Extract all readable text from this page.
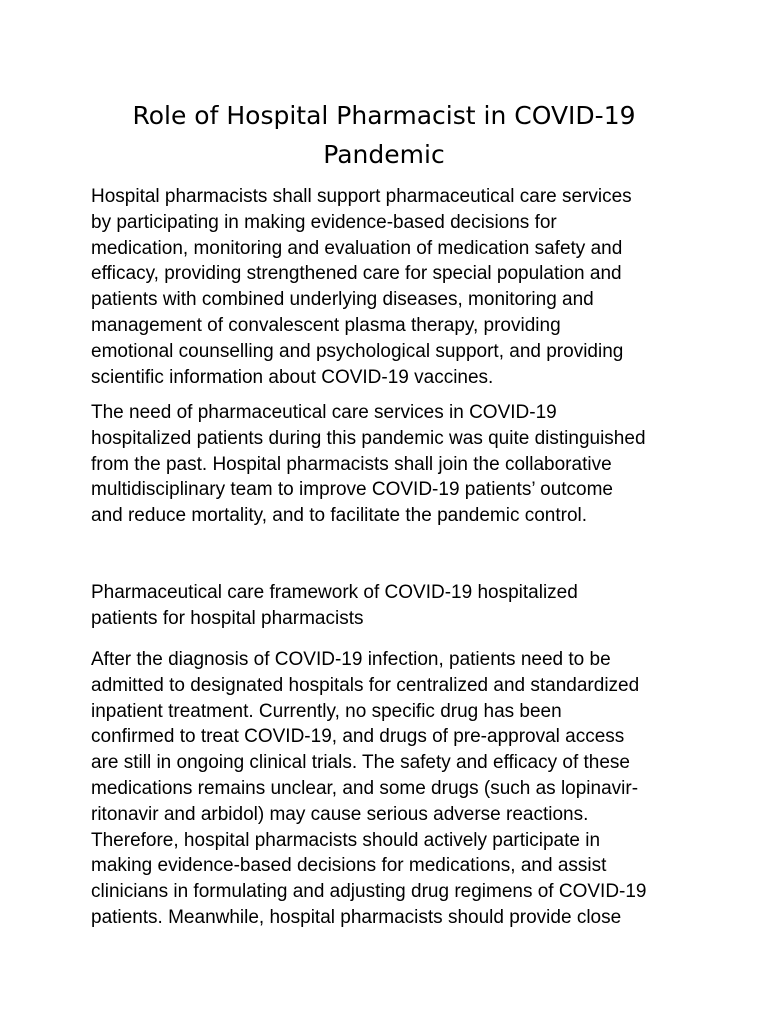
Role of Hospital Pharmacist in COVID-19 Pandemic
Hospital pharmacists shall support pharmaceutical care services
by participating in making evidence-based decisions for
medication, monitoring and evaluation of medication safety and
efficacy, providing strengthened care for special population and
patients with combined underlying diseases, monitoring and
management of convalescent plasma therapy, providing
emotional counselling and psychological support, and providing
scientific information about COVID-19 vaccines.
The need of pharmaceutical care services in COVID-19
hospitalized patients during this pandemic was quite distinguished
from the past. Hospital pharmacists shall join the collaborative
multidisciplinary team to improve COVID-19 patients’ outcome
and reduce mortality, and to facilitate the pandemic control.
Pharmaceutical care framework of COVID-19 hospitalized
patients for hospital pharmacists
After the diagnosis of COVID-19 infection, patients need to be
admitted to designated hospitals for centralized and standardized
inpatient treatment. Currently, no specific drug has been
confirmed to treat COVID-19, and drugs of pre-approval access
are still in ongoing clinical trials. The safety and efficacy of these
medications remains unclear, and some drugs (such as lopinavir-
ritonavir and arbidol) may cause serious adverse reactions.
Therefore, hospital pharmacists should actively participate in
making evidence-based decisions for medications, and assist
clinicians in formulating and adjusting drug regimens of COVID-19
patients. Meanwhile, hospital pharmacists should provide close
